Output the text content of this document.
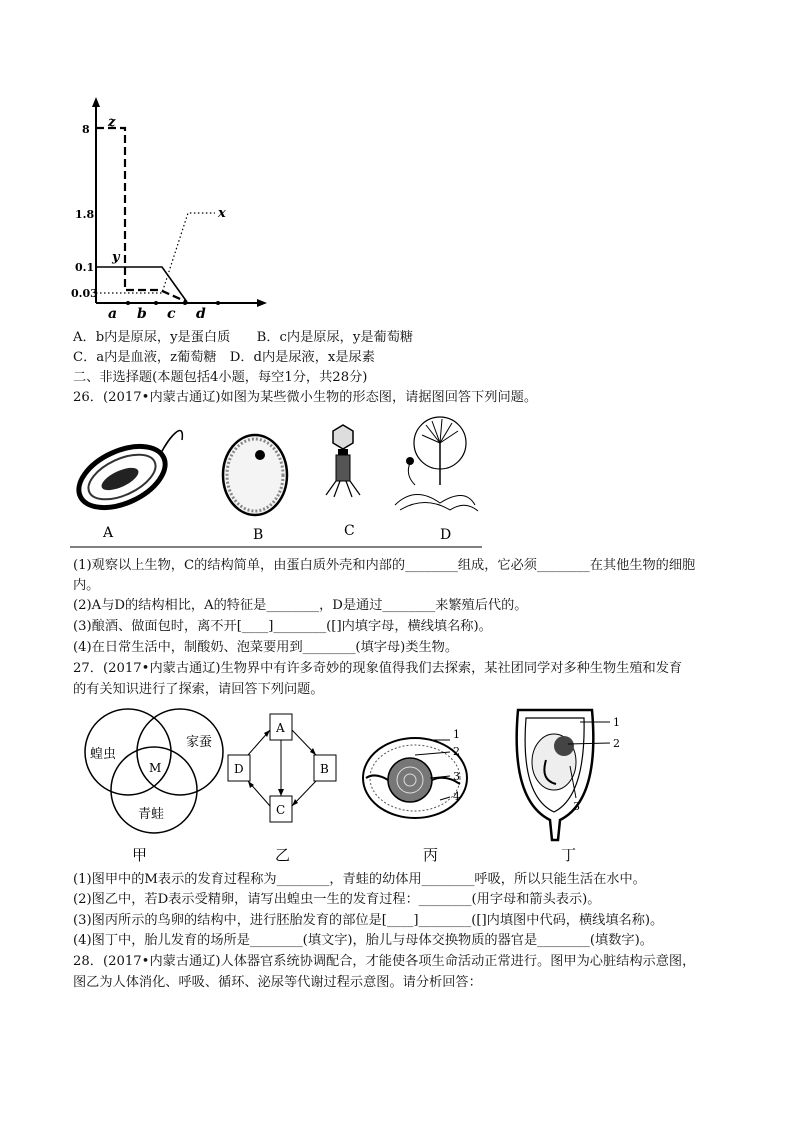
8
1.8
0.1
0.03
a b c d
z
y
x
A．b内是原尿，y是蛋白质　　B．c内是原尿，y是葡萄糖
C．a内是血液，z葡萄糖　D．d内是尿液，x是尿素
二、非选择题(本题包括4小题，每空1分，共28分)
26．(2017•内蒙古通辽)如图为某些微小生物的形态图，请据图回答下列问题。
A	B	C	D
(1)观察以上生物，C的结构简单，由蛋白质外壳和内部的________组成，它必须________在其他生物的细胞
内。
(2)A与D的结构相比，A的特征是________，D是通过________来繁殖后代的。
(3)酿酒、做面包时，离不开[____]________([]内填字母，横线填名称)。
(4)在日常生活中，制酸奶、泡菜要用到________(填字母)类生物。
27．(2017•内蒙古通辽)生物界中有许多奇妙的现象值得我们去探索，某社团同学对多种生物生殖和发育
的有关知识进行了探索，请回答下列问题。
蝗虫
家蚕
青蛙
M
A
D	B
C
1
2
3
4
1
2
3
甲	乙	丙	丁
(1)图甲中的M表示的发育过程称为________，青蛙的幼体用________呼吸，所以只能生活在水中。
(2)图乙中，若D表示受精卵，请写出蝗虫一生的发育过程：________(用字母和箭头表示)。
(3)图丙所示的鸟卵的结构中，进行胚胎发育的部位是[____]________([]内填图中代码，横线填名称)。
(4)图丁中，胎儿发育的场所是________(填文字)，胎儿与母体交换物质的器官是________(填数字)。
28．(2017•内蒙古通辽)人体器官系统协调配合，才能使各项生命活动正常进行。图甲为心脏结构示意图，
图乙为人体消化、呼吸、循环、泌尿等代谢过程示意图。请分析回答：
